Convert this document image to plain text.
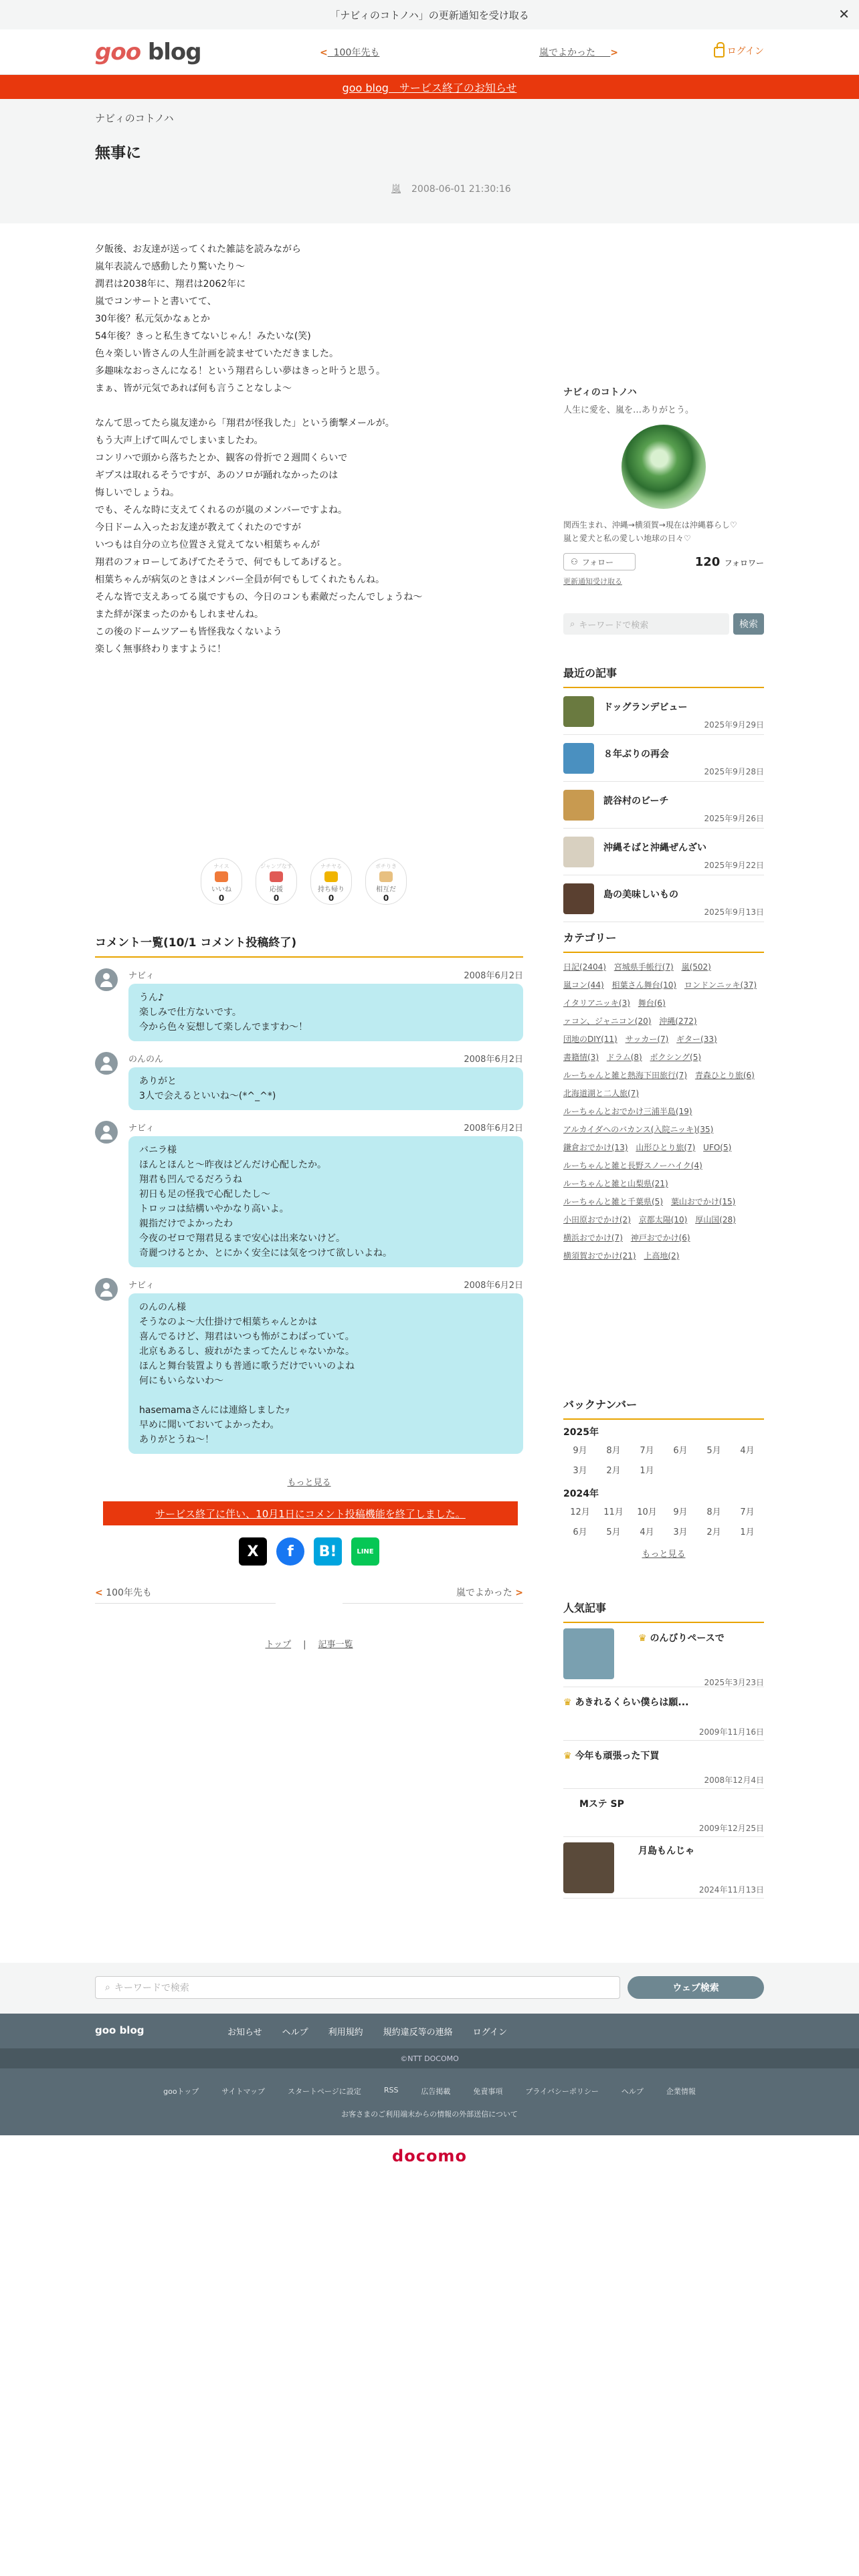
「ナビィのコトノハ」の更新通知を受け取る	✕
goo blog	< 100年先も	嵐でよかった >	ログイン
goo blog　サービス終了のお知らせ
ナビィのコトノハ
無事に
嵐 2008-06-01 21:30:16

夕飯後、お友達が送ってくれた雑誌を読みながら
嵐年表読んで感動したり驚いたり〜
潤君は2038年に、翔君は2062年に
嵐でコンサートと書いてて、
30年後？私元気かなぁとか
54年後？きっと私生きてないじゃん！みたいな(笑)
色々楽しい皆さんの人生計画を読ませていただきました。
多趣味なおっさんになる！という翔君らしい夢はきっと叶うと思う。
まぁ、皆が元気であれば何も言うことなしよ〜

なんて思ってたら嵐友達から「翔君が怪我した」という衝撃メールが。
もう大声上げて叫んでしまいましたわ。
コンリハで頭から落ちたとか、観客の骨折で２週間くらいで
ギプスは取れるそうですが、あのソロが踊れなかったのは
悔しいでしょうね。
でも、そんな時に支えてくれるのが嵐のメンバーですよね。
今日ドーム入ったお友達が教えてくれたのですが
いつもは自分の立ち位置さえ覚えてない相葉ちゃんが
翔君のフォローしてあげてたそうで、何でもしてあげると。
相葉ちゃんが病気のときはメンバー全員が何でもしてくれたもんね。
そんな皆で支えあってる嵐ですもの、今日のコンも素敵だったんでしょうね〜
また絆が深まったのかもしれませんね。
この後のドームツアーも皆怪我なくないよう
楽しく無事終わりますように！

ナイス
いいね
0
ジャンプなす
応援
0
ナチヤる
持ち帰り
0
ポチりき
相互だ
0
コメント一覧(10/1 コメント投稿終了)
ナビィ	2008年6月2日
うん♪
楽しみで仕方ないです。
今から色々妄想して楽しんでますわ〜！
のんのん	2008年6月2日
ありがと
3人で会えるといいね〜(*^_^*)
ナビィ	2008年6月2日
バニラ様
ほんとほんと〜昨夜はどんだけ心配したか。
翔君も凹んでるだろうね
初日も足の怪我で心配したし〜
トロッコは結構いやかなり高いよ。
親指だけでよかったわ
今夜のゼロで翔君見るまで安心は出来ないけど。
奇麗つけるとか、とにかく安全には気をつけて欲しいよね。
ナビィ	2008年6月2日
のんのん様
そうなのよ〜大仕掛けで相葉ちゃんとかは
喜んでるけど、翔君はいつも怖がこわばっていて。
北京もあるし、疲れがたまってたんじゃないかな。
ほんと舞台装置よりも普通に歌うだけでいいのよね
何にもいらないわ〜

hasemamaさんには連絡しましたｯ
早めに聞いておいてよかったわ。
ありがとうね〜！
もっと見る
サービス終了に伴い、10月1日にコメント投稿機能を終了しました。
X	f	B!	LINE
< 100年先も	嵐でよかった >
トップ | 記事一覧
ナビィのコトノハ
人生に愛を、嵐を…ありがとう。
関西生まれ、沖縄→横須賀→現在は沖縄暮らし♡
嵐と愛犬と私の愛しい地球の日々♡
⚇ フォロー	120 フォロワー
更新通知受け取る
⌕ キーワードで検索	検索
最近の記事
ドッグランデビュー
2025年9月29日
８年ぶりの再会
2025年9月28日
読谷村のビーチ
2025年9月26日
沖縄そばと沖縄ぜんざい
2025年9月22日
島の美味しいもの
2025年9月13日
カテゴリー
日記(2404) 宮城県手帳行(7) 嵐(502) 嵐コン(44) 相葉さん舞台(10) ロンドンニッキ(37) イタリアニッキ(3) 舞台(6) ァコン、ジャニコン(20) 沖縄(272) 団地のDIY(11) サッカー(7) ギター(33) 書籍情(3) ドラム(8) ボクシング(5) ルーちゃんと雑と熱海下田旅行(7) 青森ひとり旅(6) 北海道湖と二人旅(7) ルーちゃんとおでかけ三浦半島(19) アルカイダへのバカンス(入院ニッキ)(35) 鎌倉おでかけ(13) 山形ひとり旅(7) UFO(5) ルーちゃんと雑と長野スノーハイク(4) ルーちゃんと雑と山梨県(21) ルーちゃんと雑と千葉県(5) 葉山おでかけ(15) 小田原おでかけ(2) 京都太陽(10) 厚山国(28) 横浜おでかけ(7) 神戸おでかけ(6) 横須賀おでかけ(21) 上高地(2)
バックナンバー
2025年
9月	8月	7月	6月	5月	4月
3月	2月	1月
2024年
12月	11月	10月	9月	8月	7月
6月	5月	4月	3月	2月	1月
もっと見る
人気記事
♛ のんびりペースで
2025年3月23日
♛ あきれるくらい僕らは願...
2009年11月16日
♛ 今年も頑張った下買
2008年12月4日
Mステ SP
2009年12月25日
月島もんじゃ
2024年11月13日
⌕ キーワードで検索	ウェブ検索
goo blog	お知らせ ヘルプ 利用規約 規約違反等の連絡 ログイン
©NTT DOCOMO
gooトップ	サイトマップ	スタートページに設定	RSS	広告掲載	免責事項	プライバシーポリシー	ヘルプ	企業情報
お客さまのご利用端末からの情報の外部送信について
docomo
